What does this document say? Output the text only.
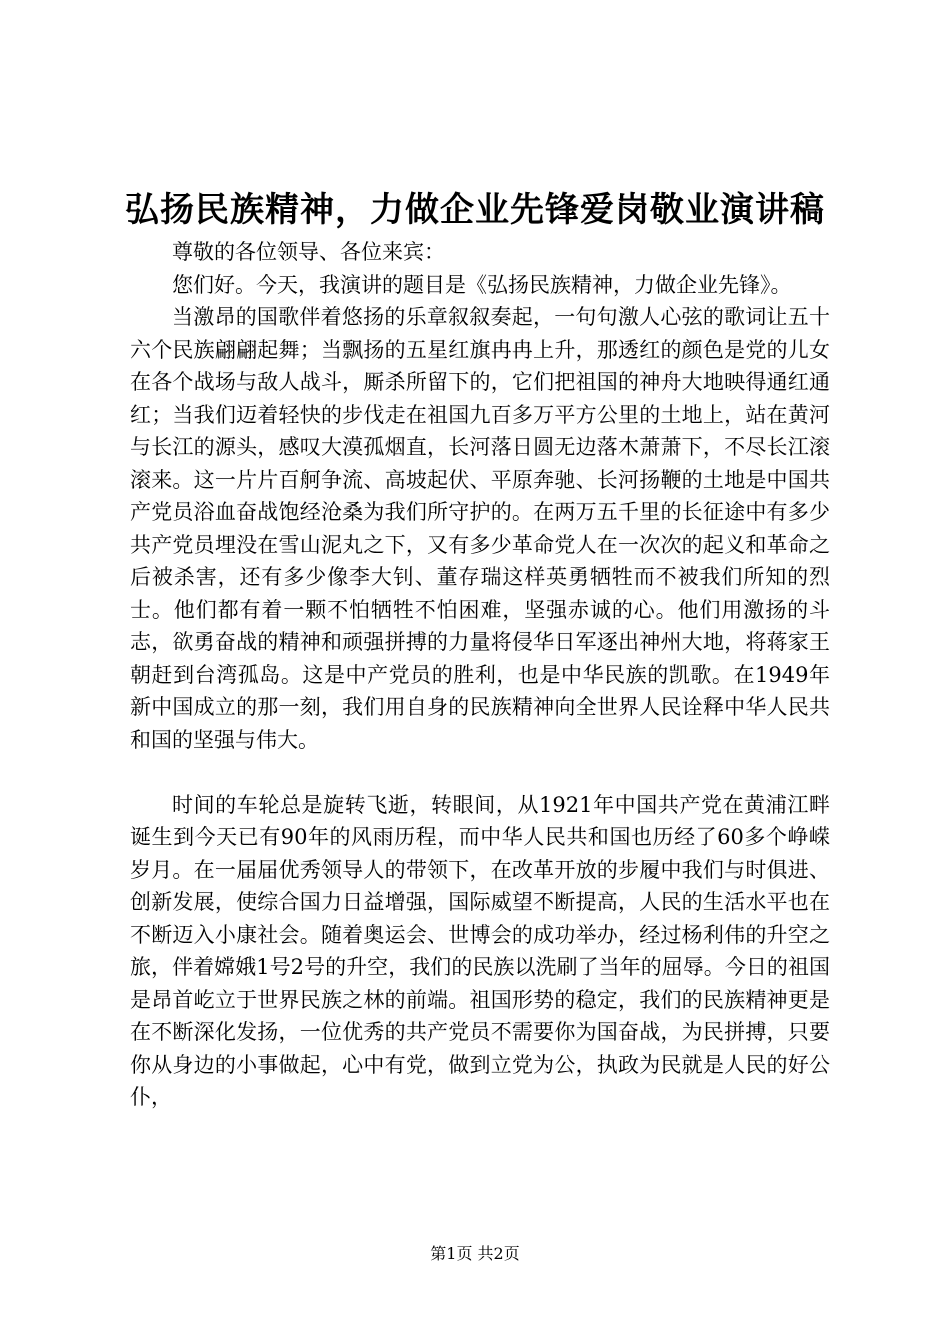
弘扬民族精神，力做企业先锋爱岗敬业演讲稿

尊敬的各位领导、各位来宾：

您们好。今天，我演讲的题目是《弘扬民族精神，力做企业先锋》。

当激昂的国歌伴着悠扬的乐章叙叙奏起，一句句激人心弦的歌词让五十六个民族翩翩起舞；当飘扬的五星红旗冉冉上升，那透红的颜色是党的儿女在各个战场与敌人战斗，厮杀所留下的，它们把祖国的神舟大地映得通红通红；当我们迈着轻快的步伐走在祖国九百多万平方公里的土地上，站在黄河与长江的源头，感叹大漠孤烟直，长河落日圆无边落木萧萧下，不尽长江滚滚来。这一片片百舸争流、高坡起伏、平原奔驰、长河扬鞭的土地是中国共产党员浴血奋战饱经沧桑为我们所守护的。在两万五千里的长征途中有多少共产党员埋没在雪山泥丸之下，又有多少革命党人在一次次的起义和革命之后被杀害，还有多少像李大钊、董存瑞这样英勇牺牲而不被我们所知的烈士。他们都有着一颗不怕牺牲不怕困难，坚强赤诚的心。他们用激扬的斗志，欲勇奋战的精神和顽强拼搏的力量将侵华日军逐出神州大地，将蒋家王朝赶到台湾孤岛。这是中产党员的胜利，也是中华民族的凯歌。在1949年新中国成立的那一刻，我们用自身的民族精神向全世界人民诠释中华人民共和国的坚强与伟大。

时间的车轮总是旋转飞逝，转眼间，从1921年中国共产党在黄浦江畔诞生到今天已有90年的风雨历程，而中华人民共和国也历经了60多个峥嵘岁月。在一届届优秀领导人的带领下，在改革开放的步履中我们与时俱进、创新发展，使综合国力日益增强，国际威望不断提高，人民的生活水平也在不断迈入小康社会。随着奥运会、世博会的成功举办，经过杨利伟的升空之旅，伴着嫦娥1号2号的升空，我们的民族以洗刷了当年的屈辱。今日的祖国是昂首屹立于世界民族之林的前端。祖国形势的稳定，我们的民族精神更是在不断深化发扬，一位优秀的共产党员不需要你为国奋战，为民拼搏，只要你从身边的小事做起，心中有党，做到立党为公，执政为民就是人民的好公仆，

第1页 共2页
